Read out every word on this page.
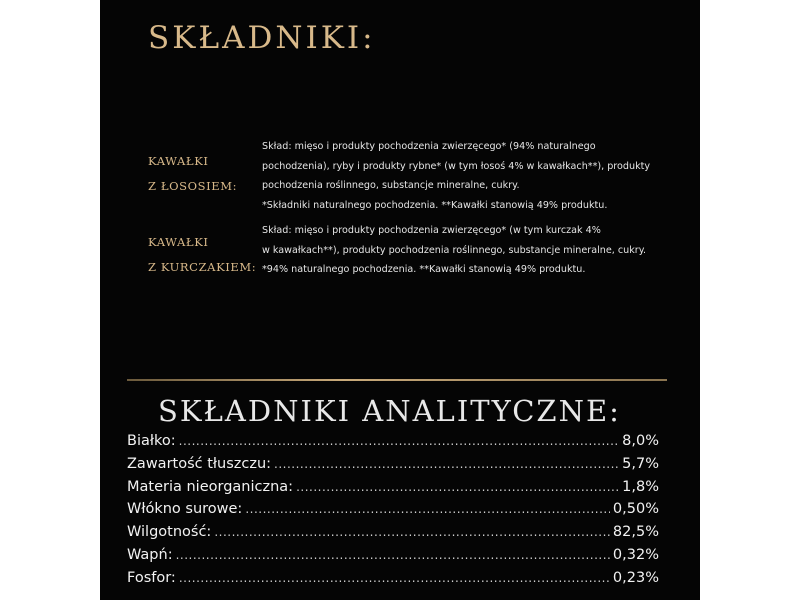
SKŁADNIKI:
KAWAŁKI
Z ŁOSOSIEM:
Skład: mięso i produkty pochodzenia zwierzęcego* (94% naturalnego
pochodzenia), ryby i produkty rybne* (w tym łosoś 4% w kawałkach**), produkty
pochodzenia roślinnego, substancje mineralne, cukry.
*Składniki naturalnego pochodzenia. **Kawałki stanowią 49% produktu.
KAWAŁKI
Z KURCZAKIEM:
Skład: mięso i produkty pochodzenia zwierzęcego* (w tym kurczak 4%
w kawałkach**), produkty pochodzenia roślinnego, substancje mineralne, cukry.
*94% naturalnego pochodzenia. **Kawałki stanowią 49% produktu.
SKŁADNIKI ANALITYCZNE:
Białko: .....	8,0%
Zawartość tłuszczu: .....	5,7%
Materia nieorganiczna: .....	1,8%
Włókno surowe: .....	0,50%
Wilgotność: .....	82,5%
Wapń: .....	0,32%
Fosfor: .....	0,23%
